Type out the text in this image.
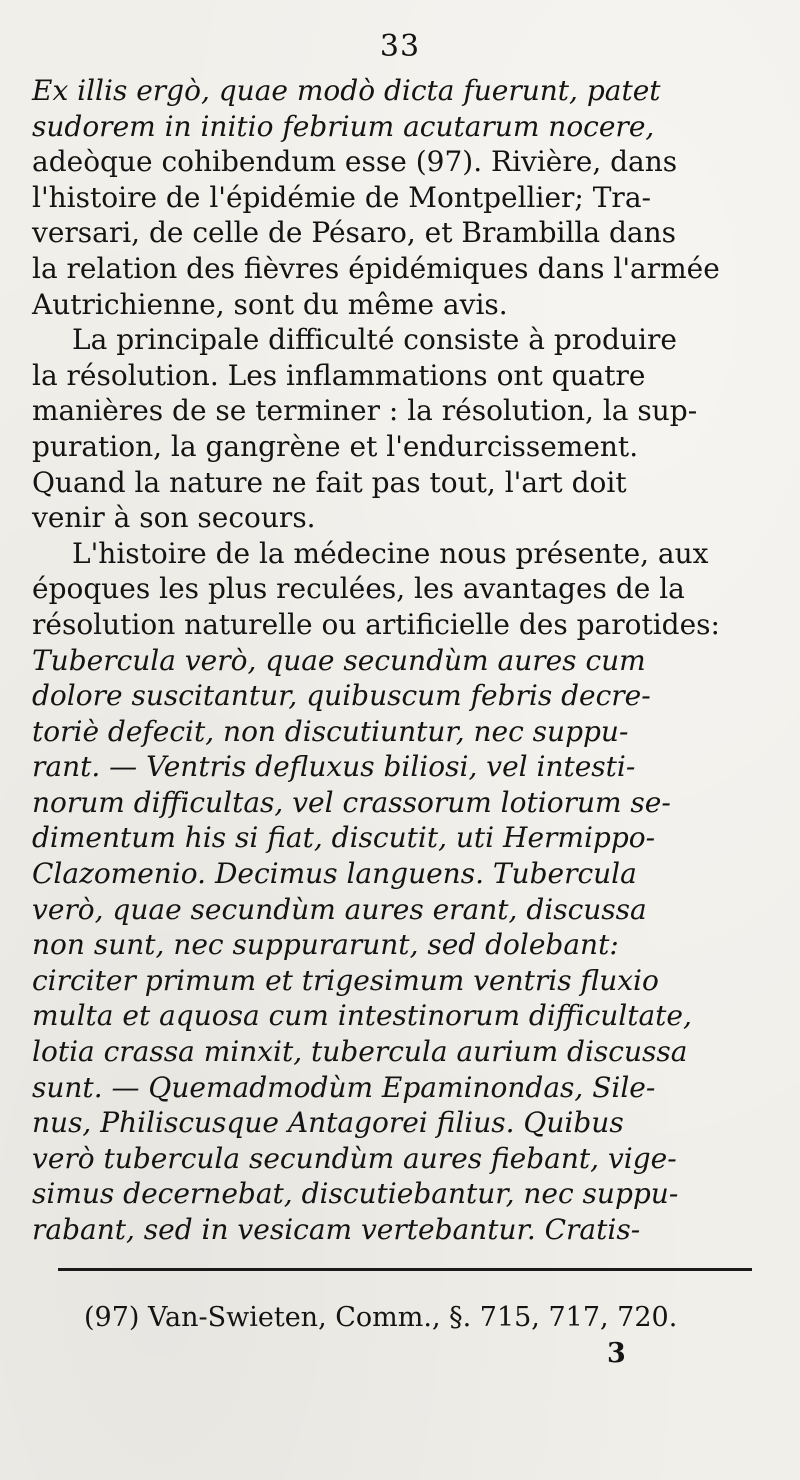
33
Ex illis ergò, quae modò dicta fuerunt, patet
sudorem in initio febrium acutarum nocere,
adeòque cohibendum esse (97). Rivière, dans
l'histoire de l'épidémie de Montpellier; Tra-
versari, de celle de Pésaro, et Brambilla dans
la relation des fièvres épidémiques dans l'armée
Autrichienne, sont du même avis.
La principale difficulté consiste à produire
la résolution. Les inflammations ont quatre
manières de se terminer : la résolution, la sup-
puration, la gangrène et l'endurcissement.
Quand la nature ne fait pas tout, l'art doit
venir à son secours.
L'histoire de la médecine nous présente, aux
époques les plus reculées, les avantages de la
résolution naturelle ou artificielle des parotides:
Tubercula verò, quae secundùm aures cum
dolore suscitantur, quibuscum febris decre-
toriè defecit, non discutiuntur, nec suppu-
rant. — Ventris defluxus biliosi, vel intesti-
norum difficultas, vel crassorum lotiorum se-
dimentum his si fiat, discutit, uti Hermippo-
Clazomenio. Decimus languens. Tubercula
verò, quae secundùm aures erant, discussa
non sunt, nec suppurarunt, sed dolebant:
circiter primum et trigesimum ventris fluxio
multa et aquosa cum intestinorum difficultate,
lotia crassa minxit, tubercula aurium discussa
sunt. — Quemadmodùm Epaminondas, Sile-
nus, Philiscusque Antagorei filius. Quibus
verò tubercula secundùm aures fiebant, vige-
simus decernebat, discutiebantur, nec suppu-
rabant, sed in vesicam vertebantur. Cratis-
(97) Van-Swieten, Comm., §. 715, 717, 720.
3
